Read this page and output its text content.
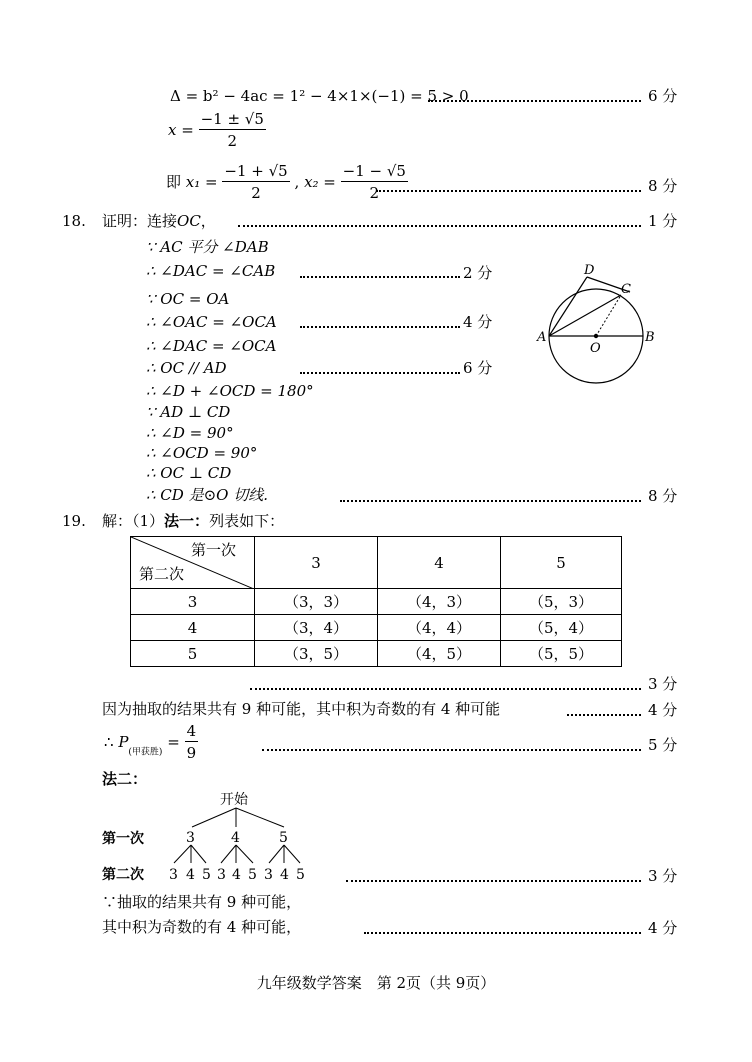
Δ = b² − 4ac = 1² − 4×1×(−1) = 5 > 0	6 分
$x = \frac{-1 \pm √5}{2}$
即 $x_1 = \frac{-1 + √5}{2}$ , $x_2 = \frac{-1 - √5}{2}$	8 分
18. 证明：连接OC，	1 分
∵ AC 平分 ∠DAB
∴ ∠DAC = ∠CAB	2 分
∵ OC = OA
∴ ∠OAC = ∠OCA	4 分
∴ ∠DAC = ∠OCA
∴ OC // AD	6 分
∴ ∠D + ∠OCD = 180°
∵ AD ⊥ CD
∴ ∠D = 90°
∴ ∠OCD = 90°
∴ OC ⊥ CD
∴ CD 是⊙O 切线.	8 分
D
C
A
O
B
19. 解：（1）法一：列表如下：
第一次
第二次	3	4	5
3	（3，3）	（4，3）	（5，3）
4	（3，4）	（4，4）	（5，4）
5	（3，5）	（4，5）	（5，5）
3 分
因为抽取的结果共有 9 种可能，其中积为奇数的有 4 种可能	4 分
∴ $P_{(甲获胜)} = \frac{4}{9}$	5 分
法二：
第一次
第二次
开始
3	4	5
3 4 5 3 4 5 3 4 5	3 分
∵抽取的结果共有 9 种可能，
其中积为奇数的有 4 种可能，	4 分
九年级数学答案　第 2页（共 9页）
